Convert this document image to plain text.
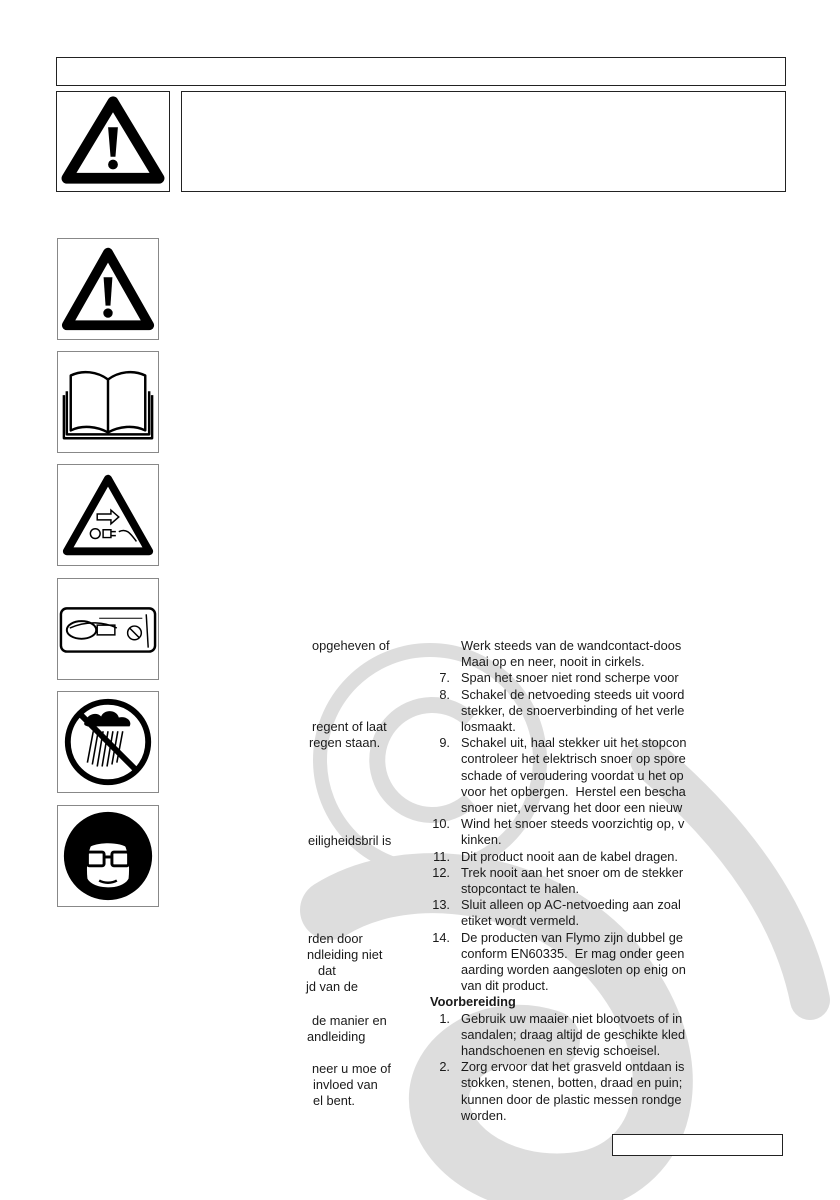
opgeheven of
regent of laat
regen staan.
eiligheidsbril is
rden door
ndleiding niet
dat
jd van de
de manier en
andleiding
neer u moe of
invloed van
el bent.
Werk steeds van de wandcontact-doos
Maai op en neer, nooit in cirkels.
7. Span het snoer niet rond scherpe voor
8. Schakel de netvoeding steeds uit voord
stekker, de snoerverbinding of het verle
losmaakt.
9. Schakel uit, haal stekker uit het stopcon
controleer het elektrisch snoer op spore
schade of veroudering voordat u het op
voor het opbergen.  Herstel een bescha
snoer niet, vervang het door een nieuw
10. Wind het snoer steeds voorzichtig op, v
kinken.
11. Dit product nooit aan de kabel dragen.
12. Trek nooit aan het snoer om de stekker
stopcontact te halen.
13. Sluit alleen op AC-netvoeding aan zoal
etiket wordt vermeld.
14. De producten van Flymo zijn dubbel ge
conform EN60335.  Er mag onder geen
aarding worden aangesloten op enig on
van dit product.
Voorbereiding
1. Gebruik uw maaier niet blootvoets of in
sandalen; draag altijd de geschikte kled
handschoenen en stevig schoeisel.
2. Zorg ervoor dat het grasveld ontdaan is
stokken, stenen, botten, draad en puin;
kunnen door de plastic messen rondge
worden.
